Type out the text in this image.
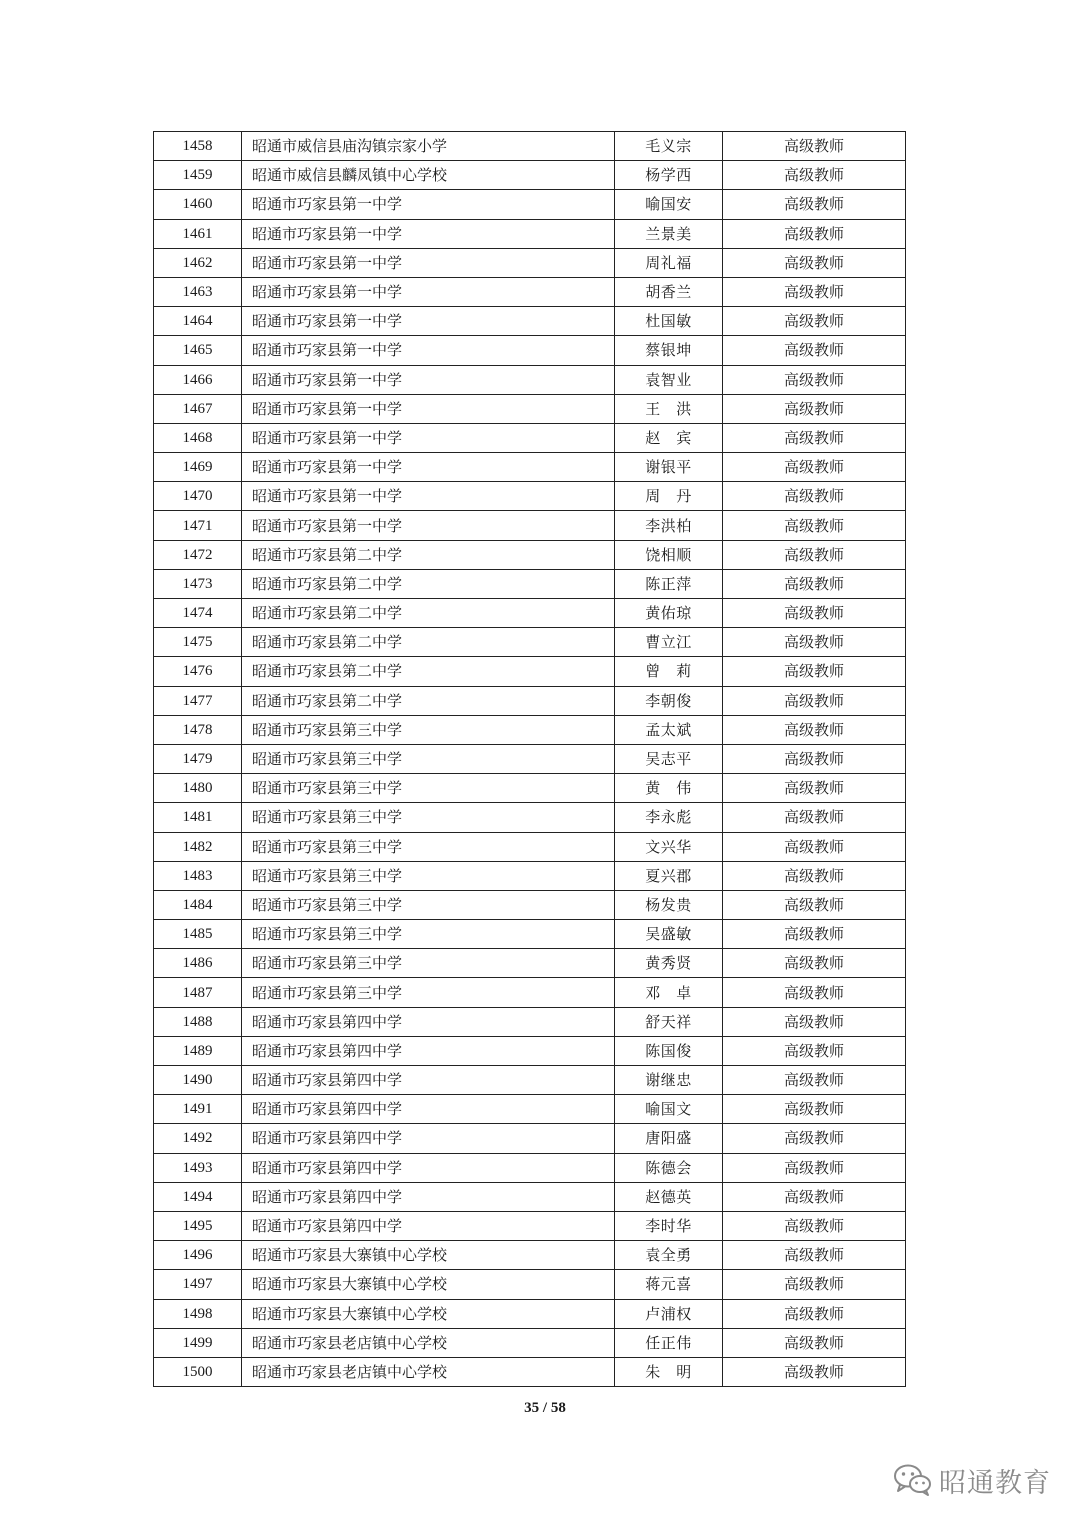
1458	昭通市威信县庙沟镇宗家小学	毛义宗	高级教师
1459	昭通市威信县麟凤镇中心学校	杨学西	高级教师
1460	昭通市巧家县第一中学	喻国安	高级教师
1461	昭通市巧家县第一中学	兰景美	高级教师
1462	昭通市巧家县第一中学	周礼福	高级教师
1463	昭通市巧家县第一中学	胡香兰	高级教师
1464	昭通市巧家县第一中学	杜国敏	高级教师
1465	昭通市巧家县第一中学	蔡银坤	高级教师
1466	昭通市巧家县第一中学	袁智业	高级教师
1467	昭通市巧家县第一中学	王　洪	高级教师
1468	昭通市巧家县第一中学	赵　宾	高级教师
1469	昭通市巧家县第一中学	谢银平	高级教师
1470	昭通市巧家县第一中学	周　丹	高级教师
1471	昭通市巧家县第一中学	李洪柏	高级教师
1472	昭通市巧家县第二中学	饶相顺	高级教师
1473	昭通市巧家县第二中学	陈正萍	高级教师
1474	昭通市巧家县第二中学	黄佑琼	高级教师
1475	昭通市巧家县第二中学	曹立江	高级教师
1476	昭通市巧家县第二中学	曾　莉	高级教师
1477	昭通市巧家县第二中学	李朝俊	高级教师
1478	昭通市巧家县第三中学	孟太斌	高级教师
1479	昭通市巧家县第三中学	吴志平	高级教师
1480	昭通市巧家县第三中学	黄　伟	高级教师
1481	昭通市巧家县第三中学	李永彪	高级教师
1482	昭通市巧家县第三中学	文兴华	高级教师
1483	昭通市巧家县第三中学	夏兴郡	高级教师
1484	昭通市巧家县第三中学	杨发贵	高级教师
1485	昭通市巧家县第三中学	吴盛敏	高级教师
1486	昭通市巧家县第三中学	黄秀贤	高级教师
1487	昭通市巧家县第三中学	邓　卓	高级教师
1488	昭通市巧家县第四中学	舒天祥	高级教师
1489	昭通市巧家县第四中学	陈国俊	高级教师
1490	昭通市巧家县第四中学	谢继忠	高级教师
1491	昭通市巧家县第四中学	喻国文	高级教师
1492	昭通市巧家县第四中学	唐阳盛	高级教师
1493	昭通市巧家县第四中学	陈德会	高级教师
1494	昭通市巧家县第四中学	赵德英	高级教师
1495	昭通市巧家县第四中学	李时华	高级教师
1496	昭通市巧家县大寨镇中心学校	袁全勇	高级教师
1497	昭通市巧家县大寨镇中心学校	蒋元喜	高级教师
1498	昭通市巧家县大寨镇中心学校	卢浦权	高级教师
1499	昭通市巧家县老店镇中心学校	任正伟	高级教师
1500	昭通市巧家县老店镇中心学校	朱　明	高级教师
35 / 58
昭通教育
